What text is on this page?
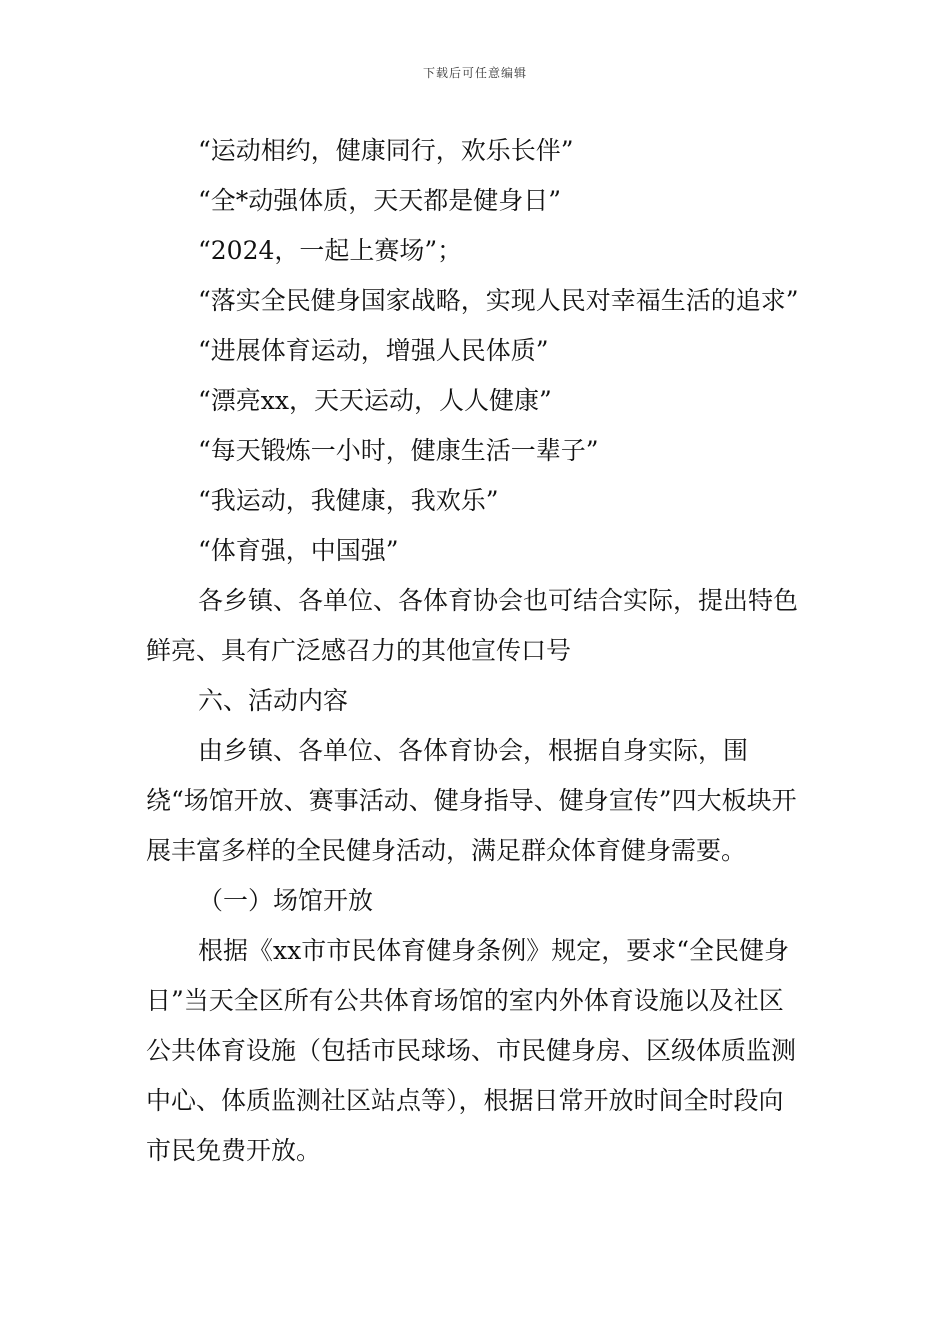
下载后可任意编辑
“运动相约，健康同行，欢乐长伴”
“全*动强体质，天天都是健身日”
“2024，一起上赛场”；
“落实全民健身国家战略，实现人民对幸福生活的追求”
“进展体育运动，增强人民体质”
“漂亮xx，天天运动，人人健康”
“每天锻炼一小时，健康生活一辈子”
“我运动，我健康，我欢乐”
“体育强，中国强”
各乡镇、各单位、各体育协会也可结合实际，提出特色鲜亮、具有广泛感召力的其他宣传口号
六、活动内容
由乡镇、各单位、各体育协会，根据自身实际，围绕“场馆开放、赛事活动、健身指导、健身宣传”四大板块开展丰富多样的全民健身活动，满足群众体育健身需要。
（一）场馆开放
根据《xx市市民体育健身条例》规定，要求“全民健身日”当天全区所有公共体育场馆的室内外体育设施以及社区公共体育设施（包括市民球场、市民健身房、区级体质监测中心、体质监测社区站点等），根据日常开放时间全时段向市民免费开放。
